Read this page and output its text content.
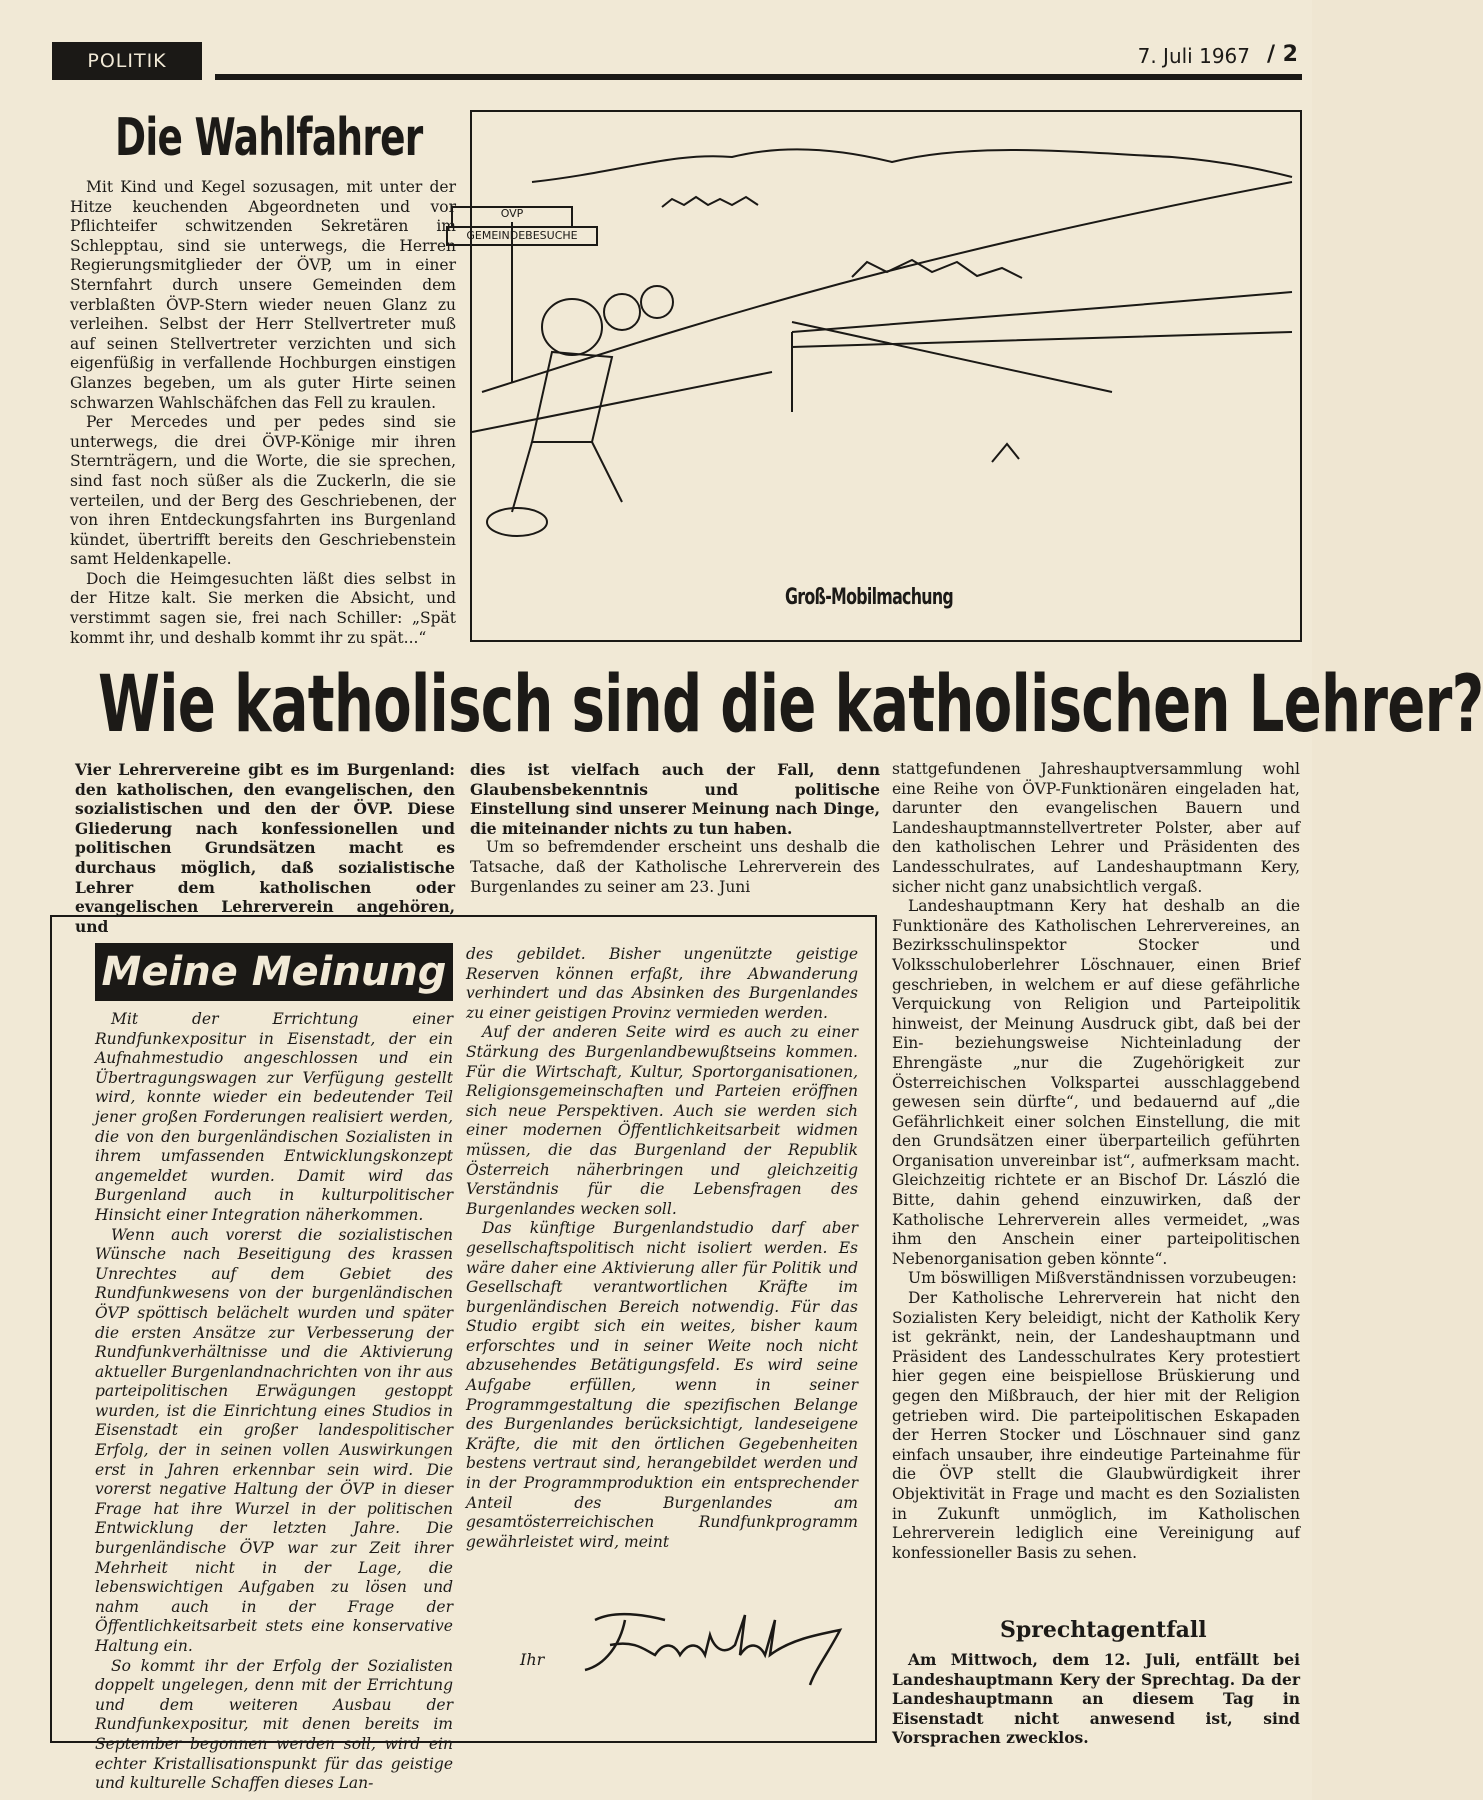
POLITIK	7. Juli 1967 / 2
Die Wahlfahrer

Mit Kind und Kegel sozusagen, mit unter der Hitze keuchenden Abgeordneten und vor Pflichteifer schwitzenden Sekretären im Schlepptau, sind sie unterwegs, die Herren Regierungsmitglieder der ÖVP, um in einer Sternfahrt durch unsere Gemeinden dem verblaßten ÖVP-Stern wieder neuen Glanz zu verleihen. Selbst der Herr Stellvertreter muß auf seinen Stellvertreter verzichten und sich eigenfüßig in verfallende Hochburgen einstigen Glanzes begeben, um als guter Hirte seinen schwarzen Wahlschäfchen das Fell zu kraulen.

Per Mercedes und per pedes sind sie unterwegs, die drei ÖVP-Könige mir ihren Sternträgern, und die Worte, die sie sprechen, sind fast noch süßer als die Zuckerln, die sie verteilen, und der Berg des Geschriebenen, der von ihren Entdeckungsfahrten ins Burgenland kündet, übertrifft bereits den Geschriebenstein samt Heldenkapelle.

Doch die Heimgesuchten läßt dies selbst in der Hitze kalt. Sie merken die Absicht, und verstimmt sagen sie, frei nach Schiller: „Spät kommt ihr, und deshalb kommt ihr zu spät...“

ÖVP
GEMEINDEBESUCHE
Groß-Mobilmachung
Wie katholisch sind die katholischen Lehrer?

Vier Lehrervereine gibt es im Burgenland: den katholischen, den evangelischen, den sozialistischen und den der ÖVP. Diese Gliederung nach konfessionellen und politischen Grundsätzen macht es durchaus möglich, daß sozialistische Lehrer dem katholischen oder evangelischen Lehrerverein angehören, und

dies ist vielfach auch der Fall, denn Glaubensbekenntnis und politische Einstellung sind unserer Meinung nach Dinge, die miteinander nichts zu tun haben.

Um so befremdender erscheint uns deshalb die Tatsache, daß der Katholische Lehrerverein des Burgenlandes zu seiner am 23. Juni

stattgefundenen Jahreshauptversammlung wohl eine Reihe von ÖVP-Funktionären eingeladen hat, darunter den evangelischen Bauern und Landeshauptmannstellvertreter Polster, aber auf den katholischen Lehrer und Präsidenten des Landesschulrates, auf Landeshauptmann Kery, sicher nicht ganz unabsichtlich vergaß.

Landeshauptmann Kery hat deshalb an die Funktionäre des Katholischen Lehrervereines, an Bezirksschulinspektor Stocker und Volksschuloberlehrer Löschnauer, einen Brief geschrieben, in welchem er auf diese gefährliche Verquickung von Religion und Parteipolitik hinweist, der Meinung Ausdruck gibt, daß bei der Ein- beziehungsweise Nichteinladung der Ehrengäste „nur die Zugehörigkeit zur Österreichischen Volkspartei ausschlaggebend gewesen sein dürfte“, und bedauernd auf „die Gefährlichkeit einer solchen Einstellung, die mit den Grundsätzen einer überparteilich geführten Organisation unvereinbar ist“, aufmerksam macht. Gleichzeitig richtete er an Bischof Dr. László die Bitte, dahin gehend einzuwirken, daß der Katholische Lehrerverein alles vermeidet, „was ihm den Anschein einer parteipolitischen Nebenorganisation geben könnte“.

Um böswilligen Mißverständnissen vorzubeugen:

Der Katholische Lehrerverein hat nicht den Sozialisten Kery beleidigt, nicht der Katholik Kery ist gekränkt, nein, der Landeshauptmann und Präsident des Landesschulrates Kery protestiert hier gegen eine beispiellose Brüskierung und gegen den Mißbrauch, der hier mit der Religion getrieben wird. Die parteipolitischen Eskapaden der Herren Stocker und Löschnauer sind ganz einfach unsauber, ihre eindeutige Parteinahme für die ÖVP stellt die Glaubwürdigkeit ihrer Objektivität in Frage und macht es den Sozialisten in Zukunft unmöglich, im Katholischen Lehrerverein lediglich eine Vereinigung auf konfessioneller Basis zu sehen.

Meine Meinung

Mit der Errichtung einer Rundfunkexpositur in Eisenstadt, der ein Aufnahmestudio angeschlossen und ein Übertragungswagen zur Verfügung gestellt wird, konnte wieder ein bedeutender Teil jener großen Forderungen realisiert werden, die von den burgenländischen Sozialisten in ihrem umfassenden Entwicklungskonzept angemeldet wurden. Damit wird das Burgenland auch in kulturpolitischer Hinsicht einer Integration näherkommen.

Wenn auch vorerst die sozialistischen Wünsche nach Beseitigung des krassen Unrechtes auf dem Gebiet des Rundfunkwesens von der burgenländischen ÖVP spöttisch belächelt wurden und später die ersten Ansätze zur Verbesserung der Rundfunkverhältnisse und die Aktivierung aktueller Burgenlandnachrichten von ihr aus parteipolitischen Erwägungen gestoppt wurden, ist die Einrichtung eines Studios in Eisenstadt ein großer landespolitischer Erfolg, der in seinen vollen Auswirkungen erst in Jahren erkennbar sein wird. Die vorerst negative Haltung der ÖVP in dieser Frage hat ihre Wurzel in der politischen Entwicklung der letzten Jahre. Die burgenländische ÖVP war zur Zeit ihrer Mehrheit nicht in der Lage, die lebenswichtigen Aufgaben zu lösen und nahm auch in der Frage der Öffentlichkeitsarbeit stets eine konservative Haltung ein.

So kommt ihr der Erfolg der Sozialisten doppelt ungelegen, denn mit der Errichtung und dem weiteren Ausbau der Rundfunkexpositur, mit denen bereits im September begonnen werden soll, wird ein echter Kristallisationspunkt für das geistige und kulturelle Schaffen dieses Lan-

des gebildet. Bisher ungenützte geistige Reserven können erfaßt, ihre Abwanderung verhindert und das Absinken des Burgenlandes zu einer geistigen Provinz vermieden werden.

Auf der anderen Seite wird es auch zu einer Stärkung des Burgenlandbewußtseins kommen. Für die Wirtschaft, Kultur, Sportorganisationen, Religionsgemeinschaften und Parteien eröffnen sich neue Perspektiven. Auch sie werden sich einer modernen Öffentlichkeitsarbeit widmen müssen, die das Burgenland der Republik Österreich näherbringen und gleichzeitig Verständnis für die Lebensfragen des Burgenlandes wecken soll.

Das künftige Burgenlandstudio darf aber gesellschaftspolitisch nicht isoliert werden. Es wäre daher eine Aktivierung aller für Politik und Gesellschaft verantwortlichen Kräfte im burgenländischen Bereich notwendig. Für das Studio ergibt sich ein weites, bisher kaum erforschtes und in seiner Weite noch nicht abzusehendes Betätigungsfeld. Es wird seine Aufgabe erfüllen, wenn in seiner Programmgestaltung die spezifischen Belange des Burgenlandes berücksichtigt, landeseigene Kräfte, die mit den örtlichen Gegebenheiten bestens vertraut sind, herangebildet werden und in der Programmproduktion ein entsprechender Anteil des Burgenlandes am gesamtösterreichischen Rundfunkprogramm gewährleistet wird, meint

Ihr
Sprechtagentfall

Am Mittwoch, dem 12. Juli, entfällt bei Landeshauptmann Kery der Sprechtag. Da der Landeshauptmann an diesem Tag in Eisenstadt nicht anwesend ist, sind Vorsprachen zwecklos.
